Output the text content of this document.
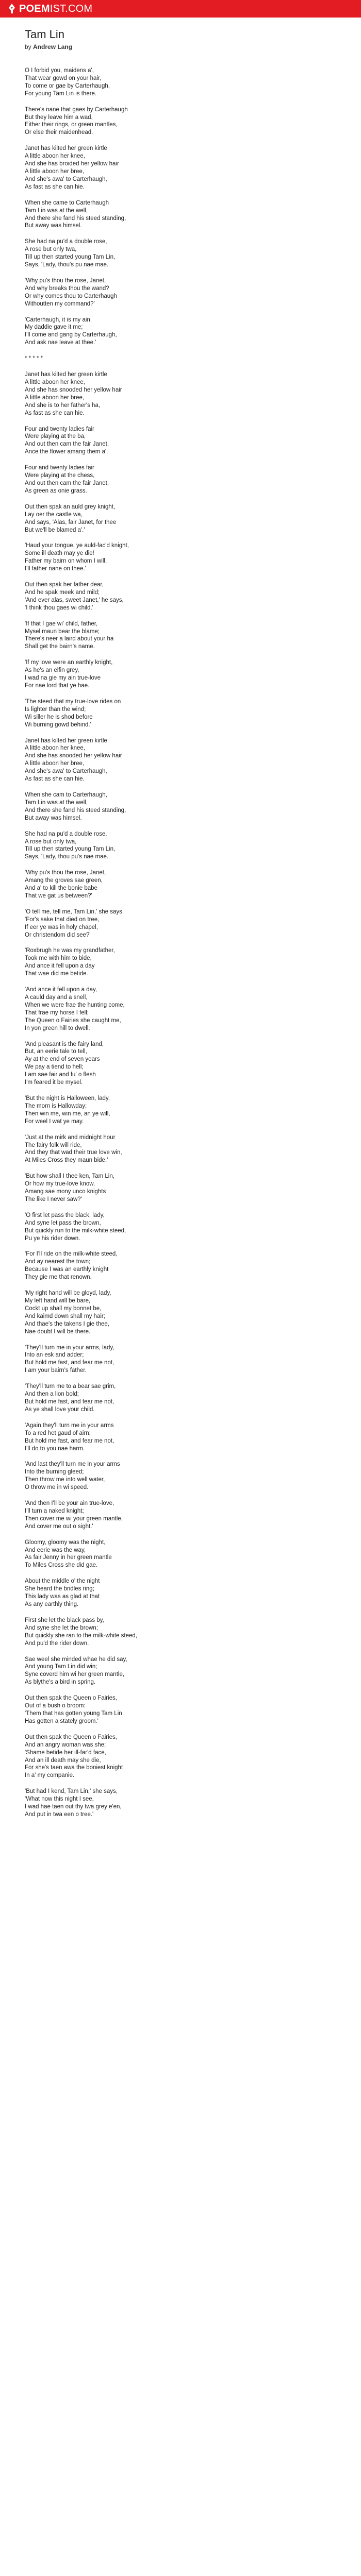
POEMIST.COM
Tam Lin
by Andrew Lang
O I forbid you, maidens a',
That wear gowd on your hair,
To come or gae by Carterhaugh,
For young Tam Lin is there.
There's nane that gaes by Carterhaugh
But they leave him a wad,
Either their rings, or green mantles,
Or else their maidenhead.
Janet has kilted her green kirtle
A little aboon her knee,
And she has broided her yellow hair
A little aboon her bree,
And she's awa' to Carterhaugh,
As fast as she can hie.
When she came to Carterhaugh
Tam Lin was at the well,
And there she fand his steed standing,
But away was himsel.
She had na pu'd a double rose,
A rose but only twa,
Till up then started young Tam Lin,
Says, 'Lady, thou's pu nae mae.
'Why pu's thou the rose, Janet,
And why breaks thou the wand?
Or why comes thou to Carterhaugh
Withoutten my command?'
'Carterhaugh, it is my ain,
My daddie gave it me;
I'll come and gang by Carterhaugh,
And ask nae leave at thee.'
* * * * *
Janet has kilted her green kirtle
A little aboon her knee,
And she has snooded her yellow hair
A little aboon her bree,
And she is to her father's ha,
As fast as she can hie.
Four and twenty ladies fair
Were playing at the ba,
And out then cam the fair Janet,
Ance the flower amang them a'.
Four and twenty ladies fair
Were playing at the chess,
And out then cam the fair Janet,
As green as onie grass.
Out then spak an auld grey knight,
Lay oer the castle wa,
And says, 'Alas, fair Janet, for thee
But we'll be blamed a'.'
'Haud your tongue, ye auld-fac'd knight,
Some ill death may ye die!
Father my bairn on whom I will,
I'll father nane on thee.'
Out then spak her father dear,
And he spak meek and mild;
'And ever alas, sweet Janet,' he says,
'I think thou gaes wi child.'
'If that I gae wi' child, father,
Mysel maun bear the blame;
There's neer a laird about your ha
Shall get the bairn's name.
'If my love were an earthly knight,
As he's an elfin grey,
I wad na gie my ain true-love
For nae lord that ye hae.
'The steed that my true-love rides on
Is lighter than the wind;
Wi siller he is shod before
Wi burning gowd behind.'
Janet has kilted her green kirtle
A little aboon her knee,
And she has snooded her yellow hair
A little aboon her bree,
And she's awa' to Carterhaugh,
As fast as she can hie.
When she cam to Carterhaugh,
Tam Lin was at the well,
And there she fand his steed standing,
But away was himsel.
She had na pu'd a double rose,
A rose but only twa,
Till up then started young Tam Lin,
Says, 'Lady, thou pu's nae mae.
'Why pu's thou the rose, Janet,
Amang the groves sae green,
And a' to kill the bonie babe
That we gat us between?'
'O tell me, tell me, Tam Lin,' she says,
'For's sake that died on tree,
If eer ye was in holy chapel,
Or christendom did see?'
'Roxbrugh he was my grandfather,
Took me with him to bide,
And ance it fell upon a day
That wae did me betide.
'And ance it fell upon a day,
A cauld day and a snell,
When we were frae the hunting come,
That frae my horse I fell;
The Queen o Fairies she caught me,
In yon green hill to dwell.
'And pleasant is the fairy land,
But, an eerie tale to tell,
Ay at the end of seven years
We pay a tiend to hell;
I am sae fair and fu' o flesh
I'm feared it be mysel.
'But the night is Halloween, lady,
The morn is Hallowday;
Then win me, win me, an ye will,
For weel I wat ye may.
'Just at the mirk and midnight hour
The fairy folk will ride,
And they that wad their true love win,
At Miles Cross they maun bide.'
'But how shall I thee ken, Tam Lin,
Or how my true-love know,
Amang sae mony unco knights
The like I never saw?'
'O first let pass the black, lady,
And syne let pass the brown,
But quickly run to the milk-white steed,
Pu ye his rider down.
'For I'll ride on the milk-white steed,
And ay nearest the town;
Because I was an earthly knight
They gie me that renown.
'My right hand will be gloyd, lady,
My left hand will be bare,
Cockt up shall my bonnet be,
And kaimd down shall my hair;
And thae's the takens I gie thee,
Nae doubt I will be there.
'They'll turn me in your arms, lady,
Into an esk and adder;
But hold me fast, and fear me not,
I am your bairn's father.
'They'll turn me to a bear sae grim,
And then a lion bold;
But hold me fast, and fear me not,
As ye shall love your child.
'Again they'll turn me in your arms
To a red het gaud of airn;
But hold me fast, and fear me not,
I'll do to you nae harm.
'And last they'll turn me in your arms
Into the burning gleed;
Then throw me into well water,
O throw me in wi speed.
'And then I'll be your ain true-love,
I'll turn a naked knight;
Then cover me wi your green mantle,
And cover me out o sight.'
Gloomy, gloomy was the night,
And eerie was the way,
As fair Jenny in her green mantle
To Miles Cross she did gae.
About the middle o' the night
She heard the bridles ring;
This lady was as glad at that
As any earthly thing.
First she let the black pass by,
And syne she let the brown;
But quickly she ran to the milk-white steed,
And pu'd the rider down.
Sae weel she minded whae he did say,
And young Tam Lin did win;
Syne coverd him wi her green mantle,
As blythe's a bird in spring.
Out then spak the Queen o Fairies,
Out of a bush o broom:
'Them that has gotten young Tam Lin
Has gotten a stately groom.'
Out then spak the Queen o Fairies,
And an angry woman was she;
'Shame betide her ill-far'd face,
And an ill death may she die,
For she's taen awa the boniest knight
In a' my companie.
'But had I kend, Tam Lin,' she says,
'What now this night I see,
I wad hae taen out thy twa grey e'en,
And put in twa een o tree.'
